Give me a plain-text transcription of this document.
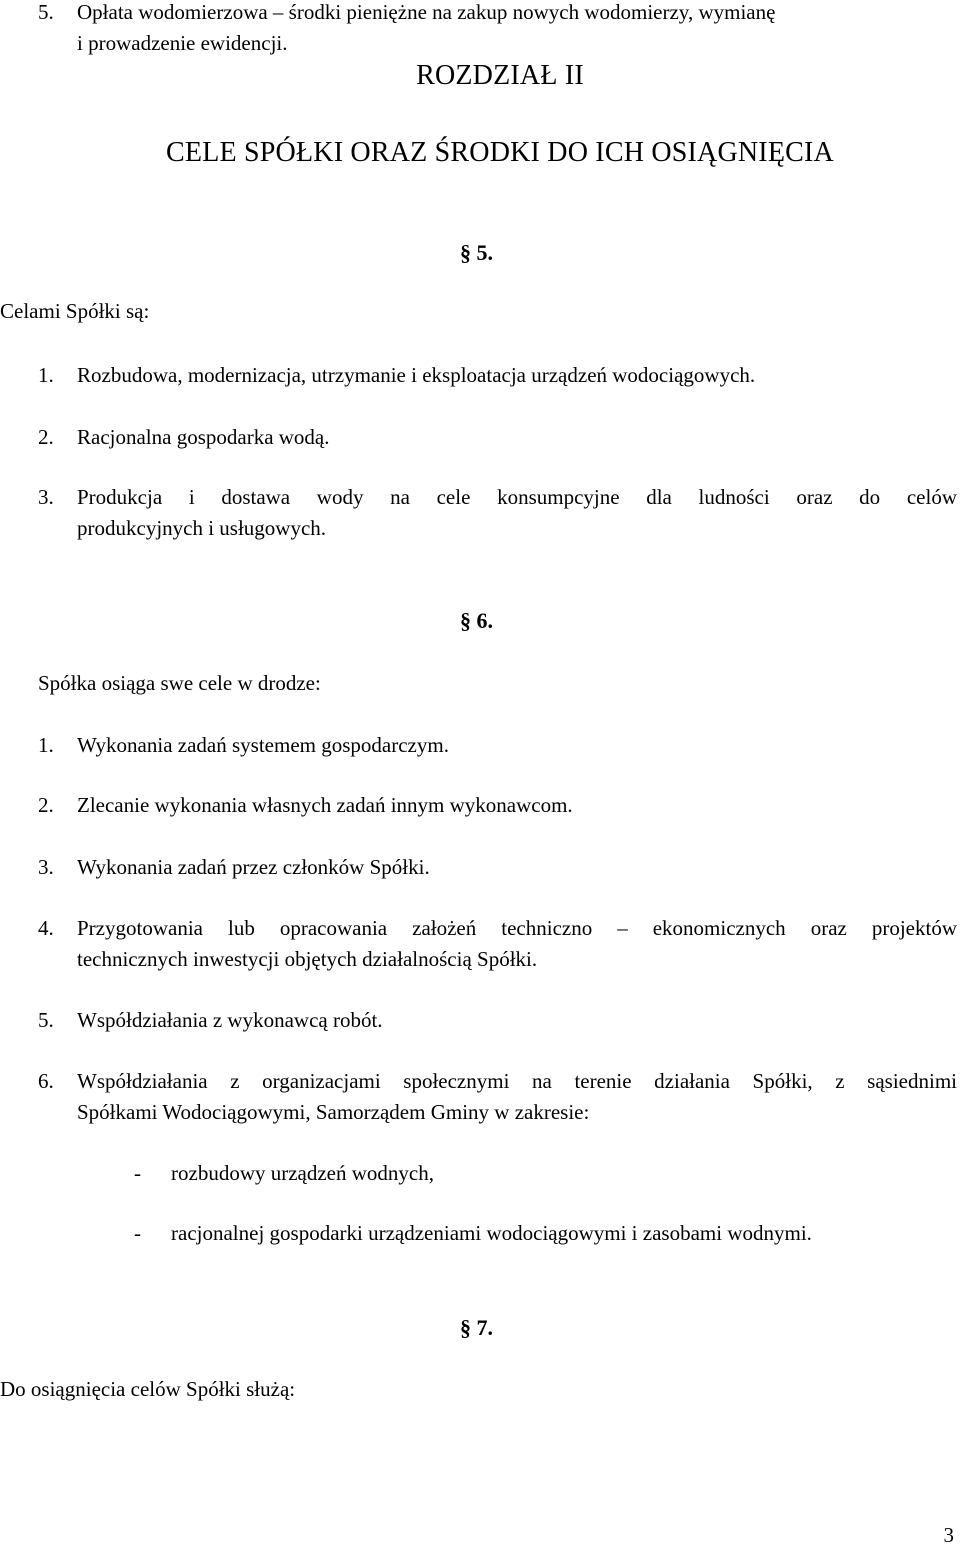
5. Opłata wodomierzowa – środki pieniężne na zakup nowych wodomierzy, wymianę
i prowadzenie ewidencji.
ROZDZIAŁ II
CELE SPÓŁKI ORAZ ŚRODKI DO ICH OSIĄGNIĘCIA
§ 5.
Celami Spółki są:
1. Rozbudowa, modernizacja, utrzymanie i eksploatacja urządzeń wodociągowych.
2. Racjonalna gospodarka wodą.
3. Produkcja i dostawa wody na cele konsumpcyjne dla ludności oraz do celów
produkcyjnych i usługowych.
§ 6.
Spółka osiąga swe cele w drodze:
1. Wykonania zadań systemem gospodarczym.
2. Zlecanie wykonania własnych zadań innym wykonawcom.
3. Wykonania zadań przez członków Spółki.
4. Przygotowania lub opracowania założeń techniczno – ekonomicznych oraz projektów
technicznych inwestycji objętych działalnością Spółki.
5. Współdziałania z wykonawcą robót.
6. Współdziałania z organizacjami społecznymi na terenie działania Spółki, z sąsiednimi
Spółkami Wodociągowymi, Samorządem Gminy w zakresie:
- rozbudowy urządzeń wodnych,
- racjonalnej gospodarki urządzeniami wodociągowymi i zasobami wodnymi.
§ 7.
Do osiągnięcia celów Spółki służą:
3
